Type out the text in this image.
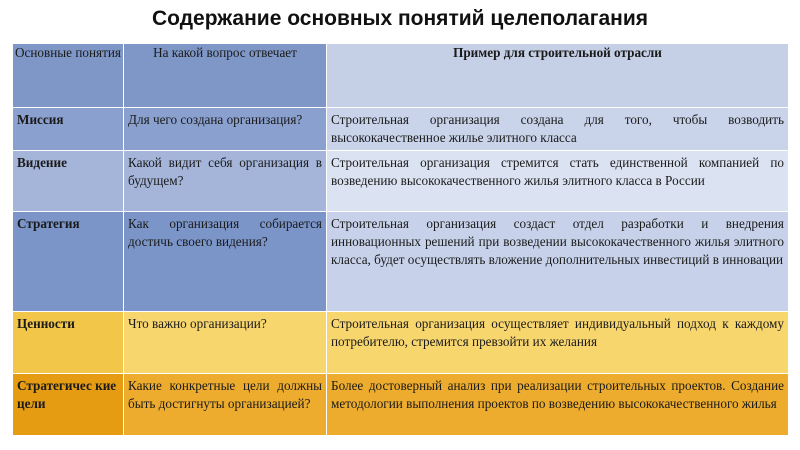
Содержание основных понятий целеполагания
Основные понятия	На какой вопрос отвечает	Пример для строительной отрасли
Миссия	Для чего создана организация?	Строительная организация создана для того, чтобы возводить высококачественное жилье элитного класса
Видение	Какой видит себя организация в будущем?	Строительная организация стремится стать единственной компанией по возведению высококачественного жилья элитного класса в России
Стратегия	Как организация собирается достичь своего видения?	Строительная организация создаст отдел разработки и внедрения инновационных решений при возведении высококачественного жилья элитного класса, будет осуществлять вложение дополнительных инвестиций в инновации
Ценности	Что важно организации?	Строительная организация осуществляет индивидуальный подход к каждому потребителю, стремится превзойти их желания
Стратегичес кие цели	Какие конкретные цели должны быть достигнуты организацией?	Более достоверный анализ при реализации строительных проектов. Создание методологии выполнения проектов по возведению высококачественного жилья
